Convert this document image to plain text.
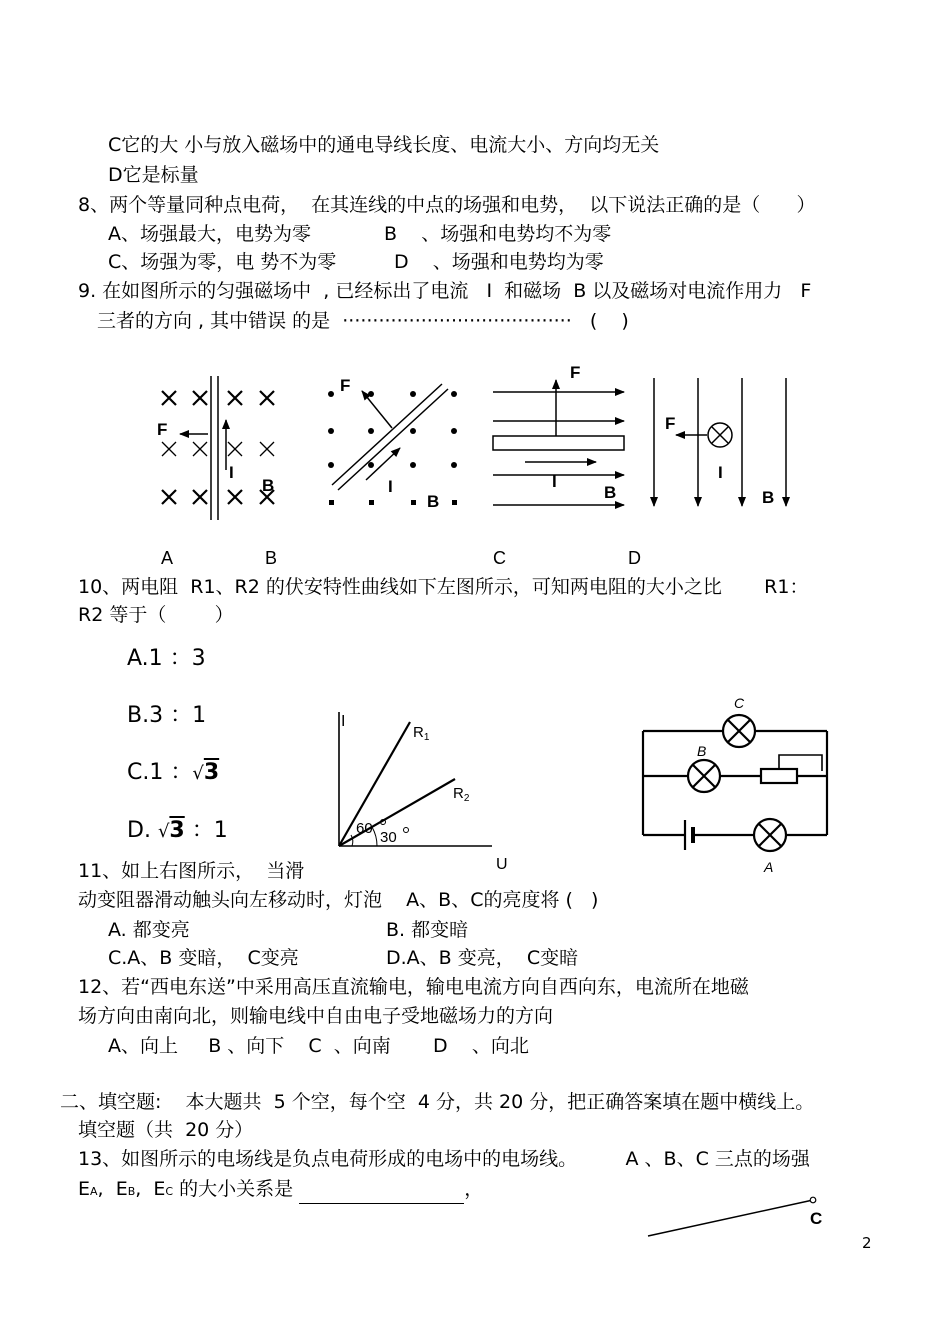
C它的大 小与放入磁场中的通电导线长度、电流大小、方向均无关
D它是标量
8、两个等量同种点电荷，  在其连线的中点的场强和电势，  以下说法正确的是（      ）
A、场强最大，电势为零	B    、场强和电势均不为零
C、场强为零，电 势不为零	D    、场强和电势均为零
9. 在如图所示的匀强磁场中  , 已经标出了电流   I  和磁场  B 以及磁场对电流作用力   F
三者的方向 , 其中错误 的是  ······································   (    )
F
I
B
F
I
B
F
I
B
F
I
B
A	B	C	D
10、两电阻  R1、R2 的伏安特性曲线如下左图所示，可知两电阻的大小之比       R1：
R2 等于（        ）
A.1 ：3
B.3 ：1
C.1 ：√3
D. √3 ：1
I
U
$R_1$
$R_2$
60
30
C
B
A
11、如上右图所示，  当滑
动变阻器滑动触头向左移动时，灯泡    A、B、C的亮度将 (   )
A. 都变亮	B. 都变暗
C.A、B 变暗，  C变亮	D.A、B 变亮，  C变暗
12、若“西电东送”中采用高压直流输电，输电电流方向自西向东，电流所在地磁
场方向由南向北，则输电线中自由电子受地磁场力的方向
A、向上     B 、向下    C  、向南       D    、向北
二、填空题:    本大题共  5 个空，每个空  4 分，共 20 分，把正确答案填在题中横线上。
填空题（共  20 分）
13、如图所示的电场线是负点电荷形成的电场中的电场线。        A 、B、C 三点的场强
EA, EB, EC 的大小关系是	，
C
2
